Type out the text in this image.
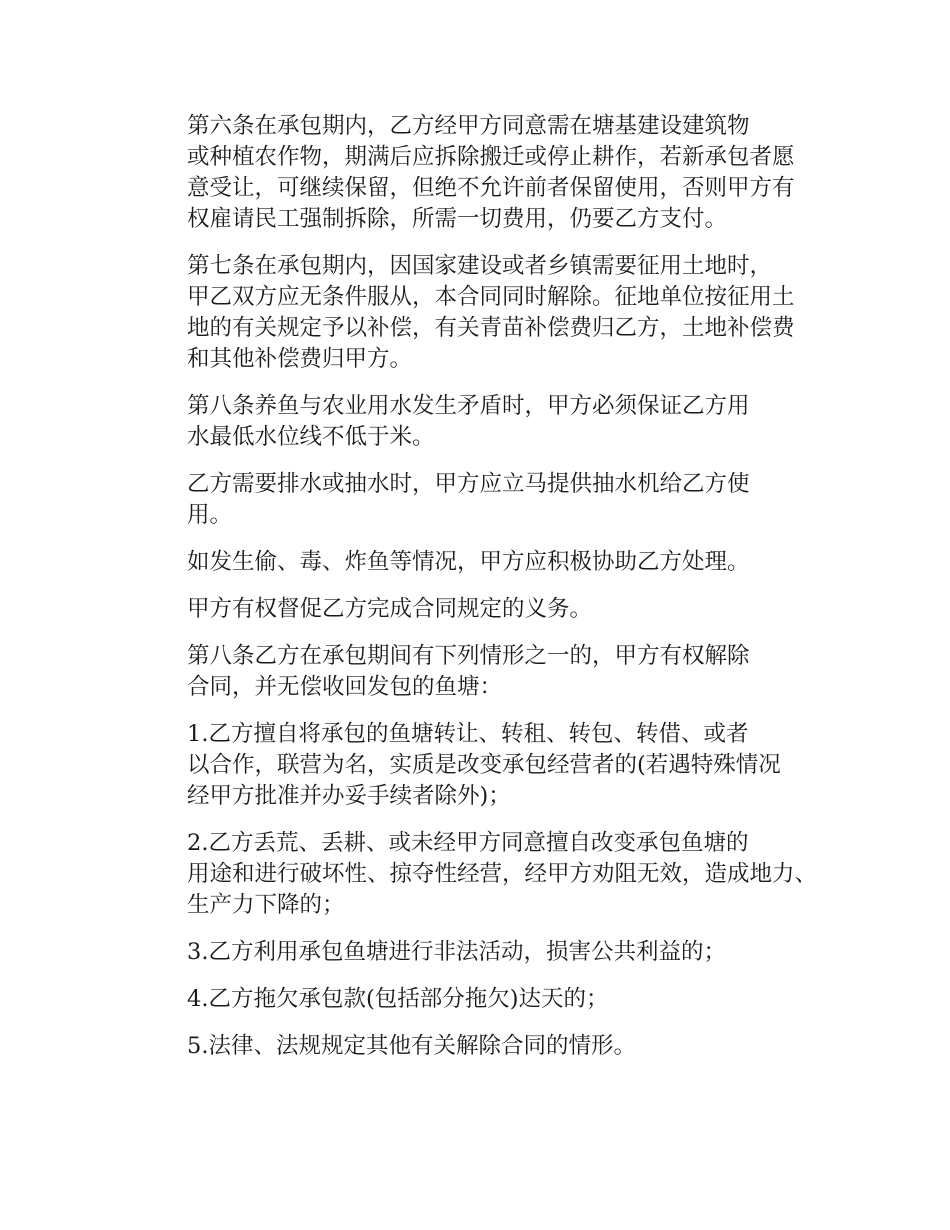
第六条在承包期内，乙方经甲方同意需在塘基建设建筑物
或种植农作物，期满后应拆除搬迁或停止耕作，若新承包者愿
意受让，可继续保留，但绝不允许前者保留使用，否则甲方有
权雇请民工强制拆除，所需一切费用，仍要乙方支付。

第七条在承包期内，因国家建设或者乡镇需要征用土地时，
甲乙双方应无条件服从，本合同同时解除。征地单位按征用土
地的有关规定予以补偿，有关青苗补偿费归乙方，土地补偿费
和其他补偿费归甲方。

第八条养鱼与农业用水发生矛盾时，甲方必须保证乙方用
水最低水位线不低于米。

乙方需要排水或抽水时，甲方应立马提供抽水机给乙方使
用。

如发生偷、毒、炸鱼等情况，甲方应积极协助乙方处理。

甲方有权督促乙方完成合同规定的义务。

第八条乙方在承包期间有下列情形之一的，甲方有权解除
合同，并无偿收回发包的鱼塘：

1.乙方擅自将承包的鱼塘转让、转租、转包、转借、或者
以合作，联营为名，实质是改变承包经营者的(若遇特殊情况
经甲方批准并办妥手续者除外)；

2.乙方丢荒、丢耕、或未经甲方同意擅自改变承包鱼塘的
用途和进行破坏性、掠夺性经营，经甲方劝阻无效，造成地力、
生产力下降的；

3.乙方利用承包鱼塘进行非法活动，损害公共利益的；

4.乙方拖欠承包款(包括部分拖欠)达天的；

5.法律、法规规定其他有关解除合同的情形。
